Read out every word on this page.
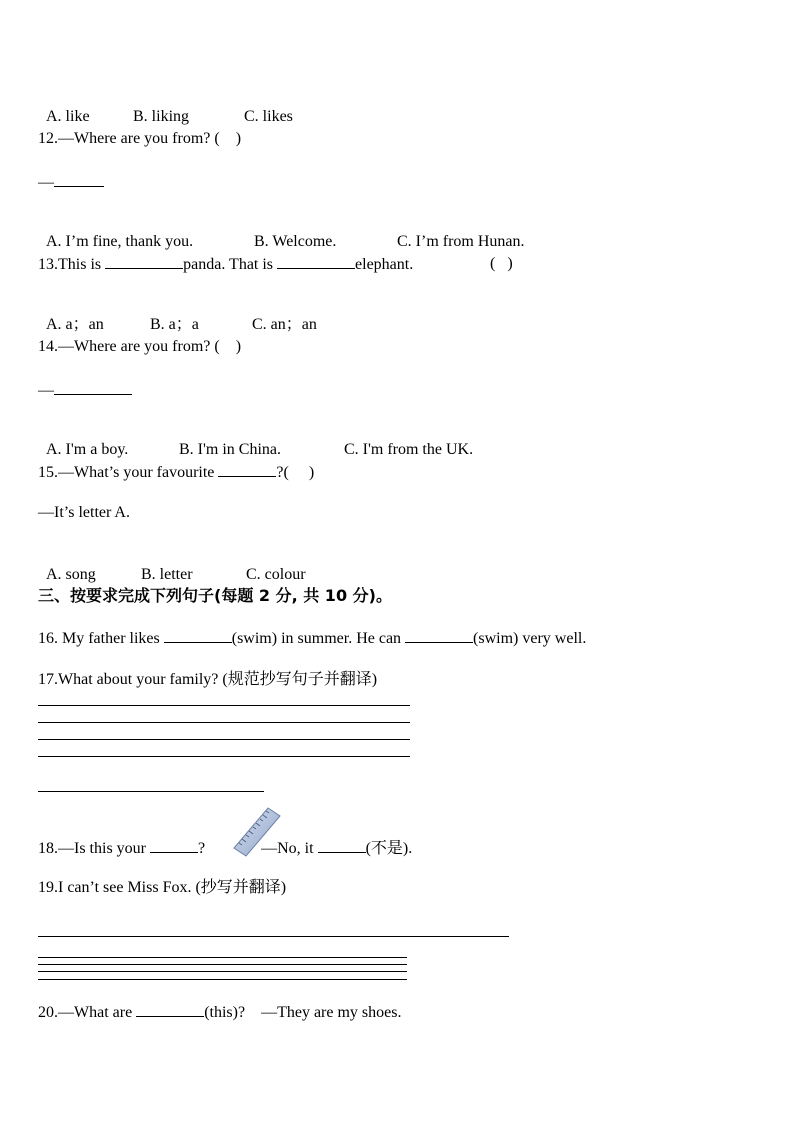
A. like	B. liking	C. likes

12.—Where are you from? (    )
—

A. I’m fine, thank you.	B. Welcome.	C. I’m from Hunan.

13.This is	panda. That is	elephant.	(   )

A. a；an	B. a；a	C. an；an

14.—Where are you from? (    )
—

A. I'm a boy.	B. I'm in China.	C. I'm from the UK.

15.—What’s your favourite	?(     )
—It’s letter A.

A. song	B. letter	C. colour

三、按要求完成下列句子(每题 2 分, 共 10 分)。
16. My father likes	(swim) in summer. He can	(swim) very well.
17.What about your family? (规范抄写句子并翻译)
18.—Is this your	?	—No, it	(不是).
19.I can’t see Miss Fox. (抄写并翻译)
20.—What are	(this)? —They are my shoes.
